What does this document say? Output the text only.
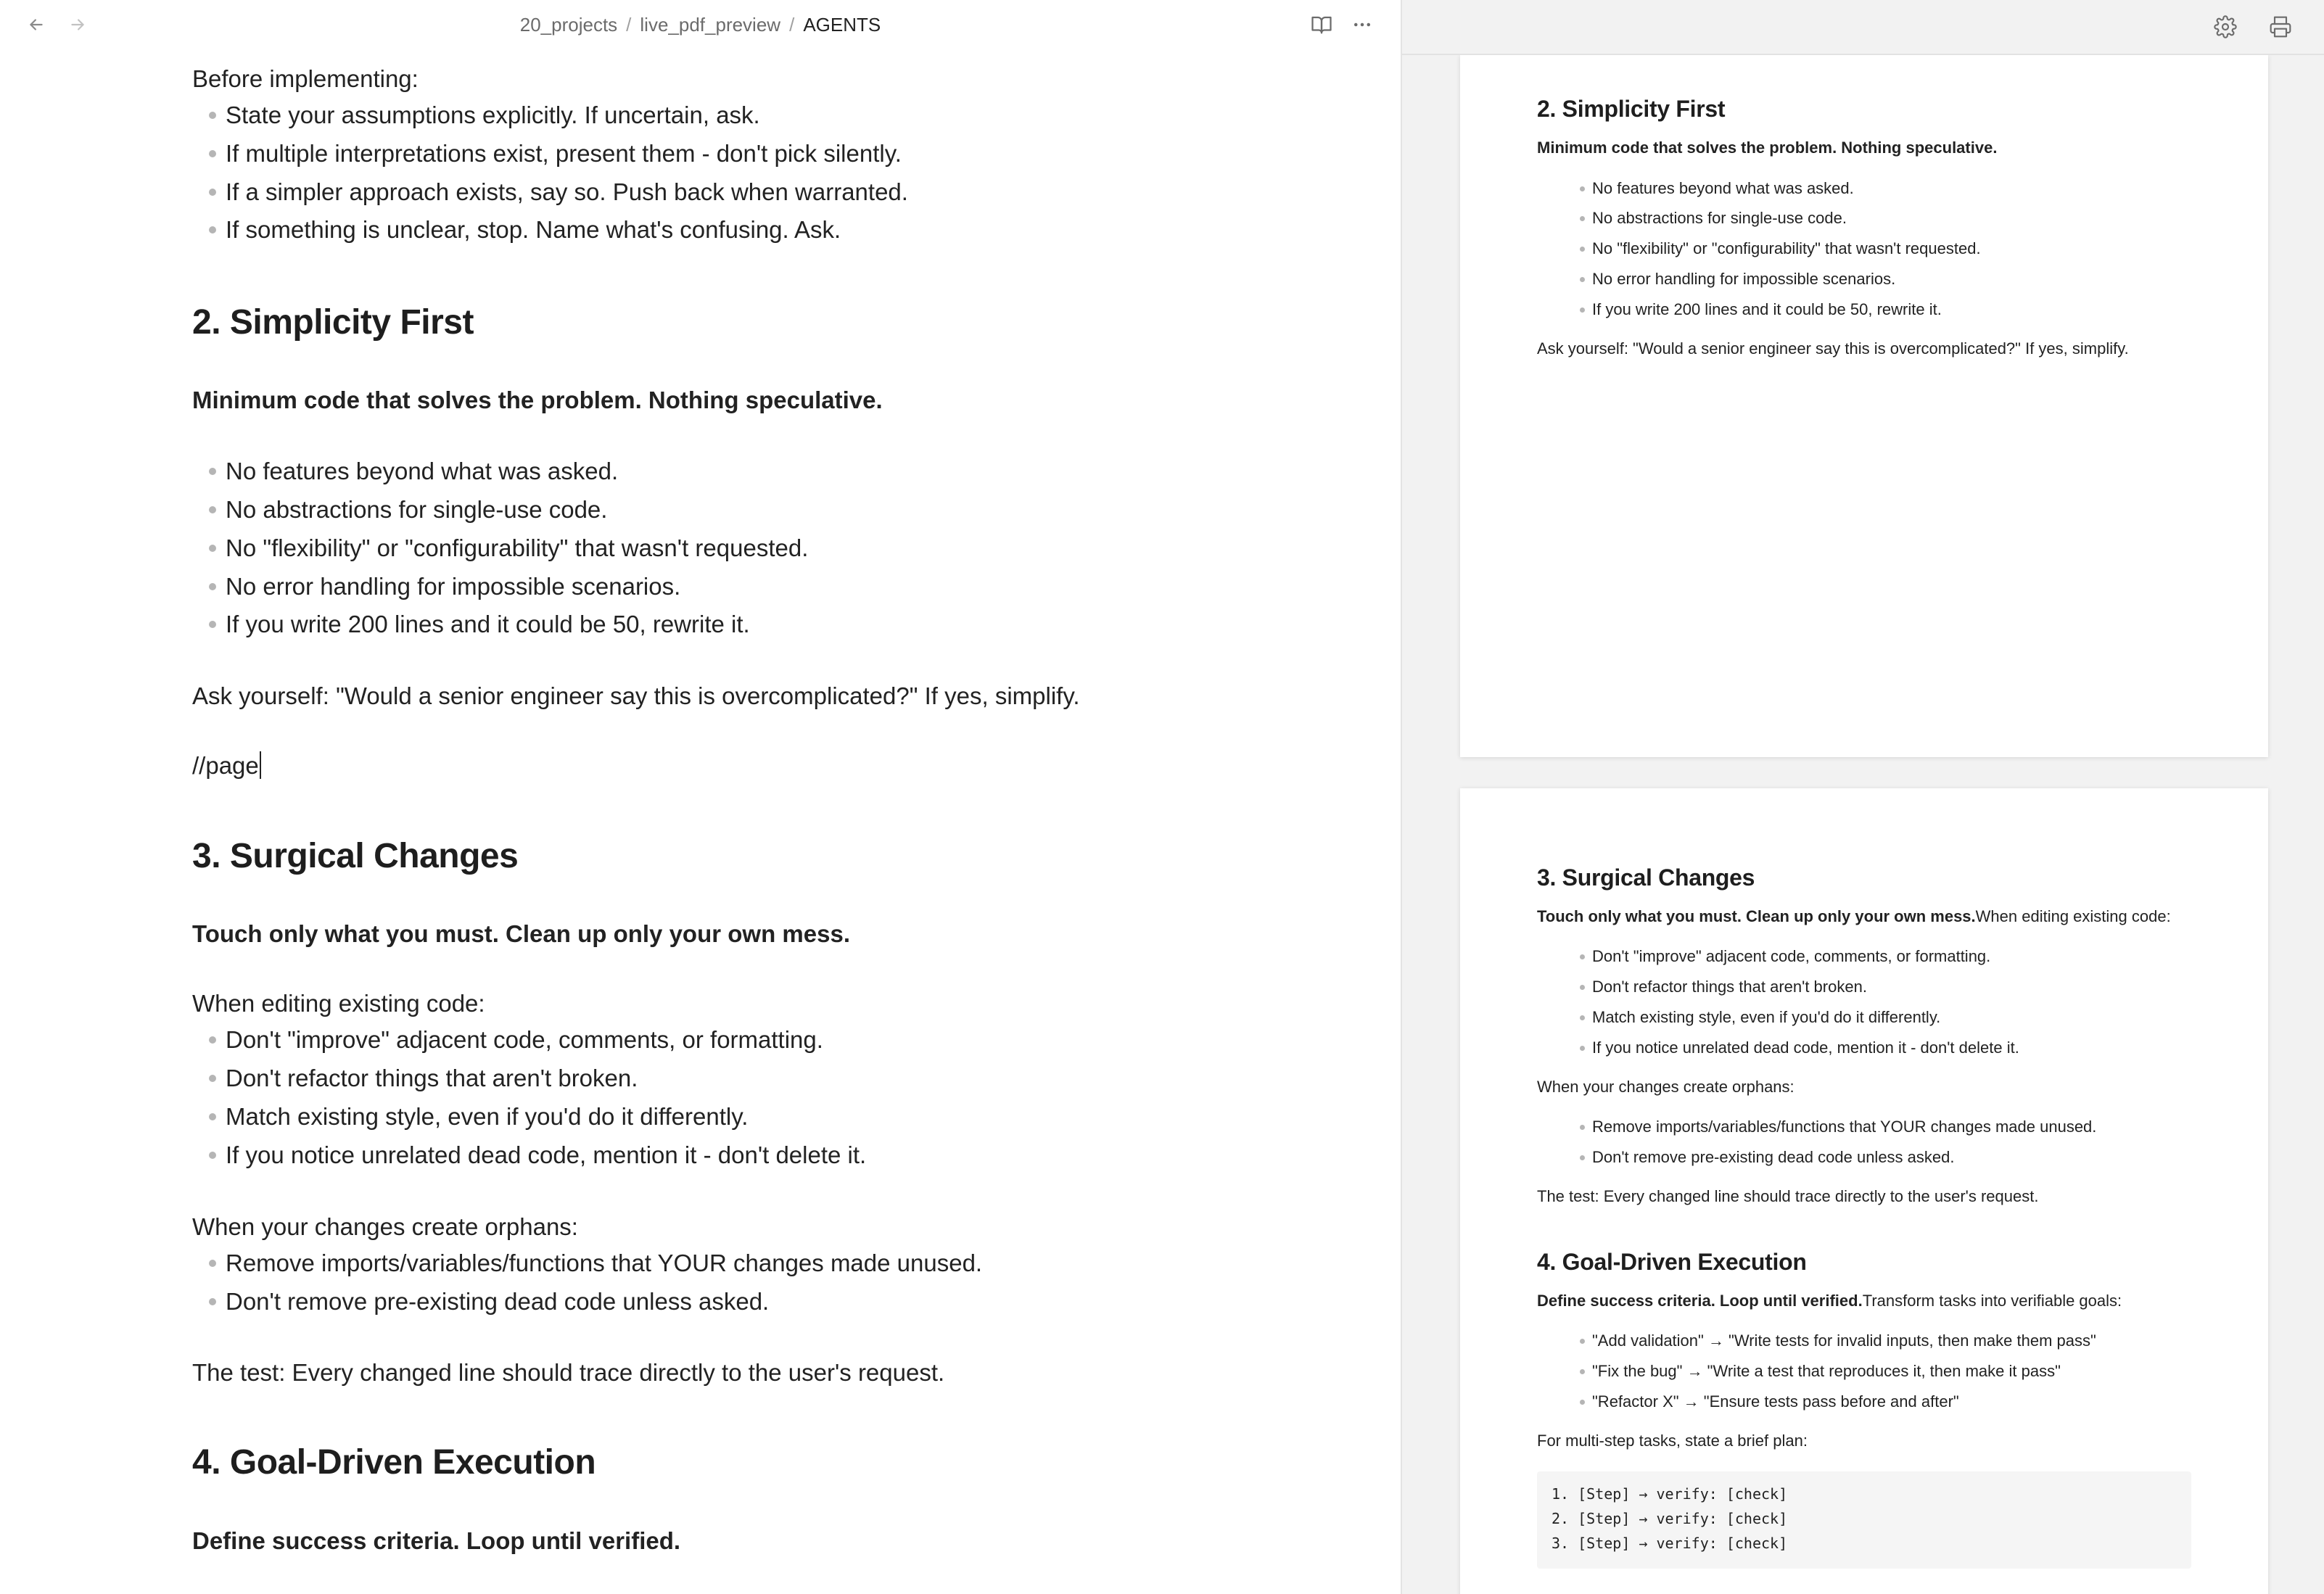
20_projects / live_pdf_preview / AGENTS
Before implementing:
State your assumptions explicitly. If uncertain, ask.
If multiple interpretations exist, present them - don't pick silently.
If a simpler approach exists, say so. Push back when warranted.
If something is unclear, stop. Name what's confusing. Ask.
2. Simplicity First
Minimum code that solves the problem. Nothing speculative.
No features beyond what was asked.
No abstractions for single-use code.
No "flexibility" or "configurability" that wasn't requested.
No error handling for impossible scenarios.
If you write 200 lines and it could be 50, rewrite it.
Ask yourself: "Would a senior engineer say this is overcomplicated?" If yes, simplify.
//page
3. Surgical Changes
Touch only what you must. Clean up only your own mess.
When editing existing code:
Don't "improve" adjacent code, comments, or formatting.
Don't refactor things that aren't broken.
Match existing style, even if you'd do it differently.
If you notice unrelated dead code, mention it - don't delete it.
When your changes create orphans:
Remove imports/variables/functions that YOUR changes made unused.
Don't remove pre-existing dead code unless asked.
The test: Every changed line should trace directly to the user's request.
4. Goal-Driven Execution
Define success criteria. Loop until verified.
2. Simplicity First
Minimum code that solves the problem. Nothing speculative.
No features beyond what was asked.
No abstractions for single-use code.
No "flexibility" or "configurability" that wasn't requested.
No error handling for impossible scenarios.
If you write 200 lines and it could be 50, rewrite it.
Ask yourself: "Would a senior engineer say this is overcomplicated?" If yes, simplify.
3. Surgical Changes
Touch only what you must. Clean up only your own mess.When editing existing code:
Don't "improve" adjacent code, comments, or formatting.
Don't refactor things that aren't broken.
Match existing style, even if you'd do it differently.
If you notice unrelated dead code, mention it - don't delete it.
When your changes create orphans:
Remove imports/variables/functions that YOUR changes made unused.
Don't remove pre-existing dead code unless asked.
The test: Every changed line should trace directly to the user's request.
4. Goal-Driven Execution
Define success criteria. Loop until verified.Transform tasks into verifiable goals:
"Add validation" → "Write tests for invalid inputs, then make them pass"
"Fix the bug" → "Write a test that reproduces it, then make it pass"
"Refactor X" → "Ensure tests pass before and after"
For multi-step tasks, state a brief plan:
1. [Step] → verify: [check]
2. [Step] → verify: [check]
3. [Step] → verify: [check]
